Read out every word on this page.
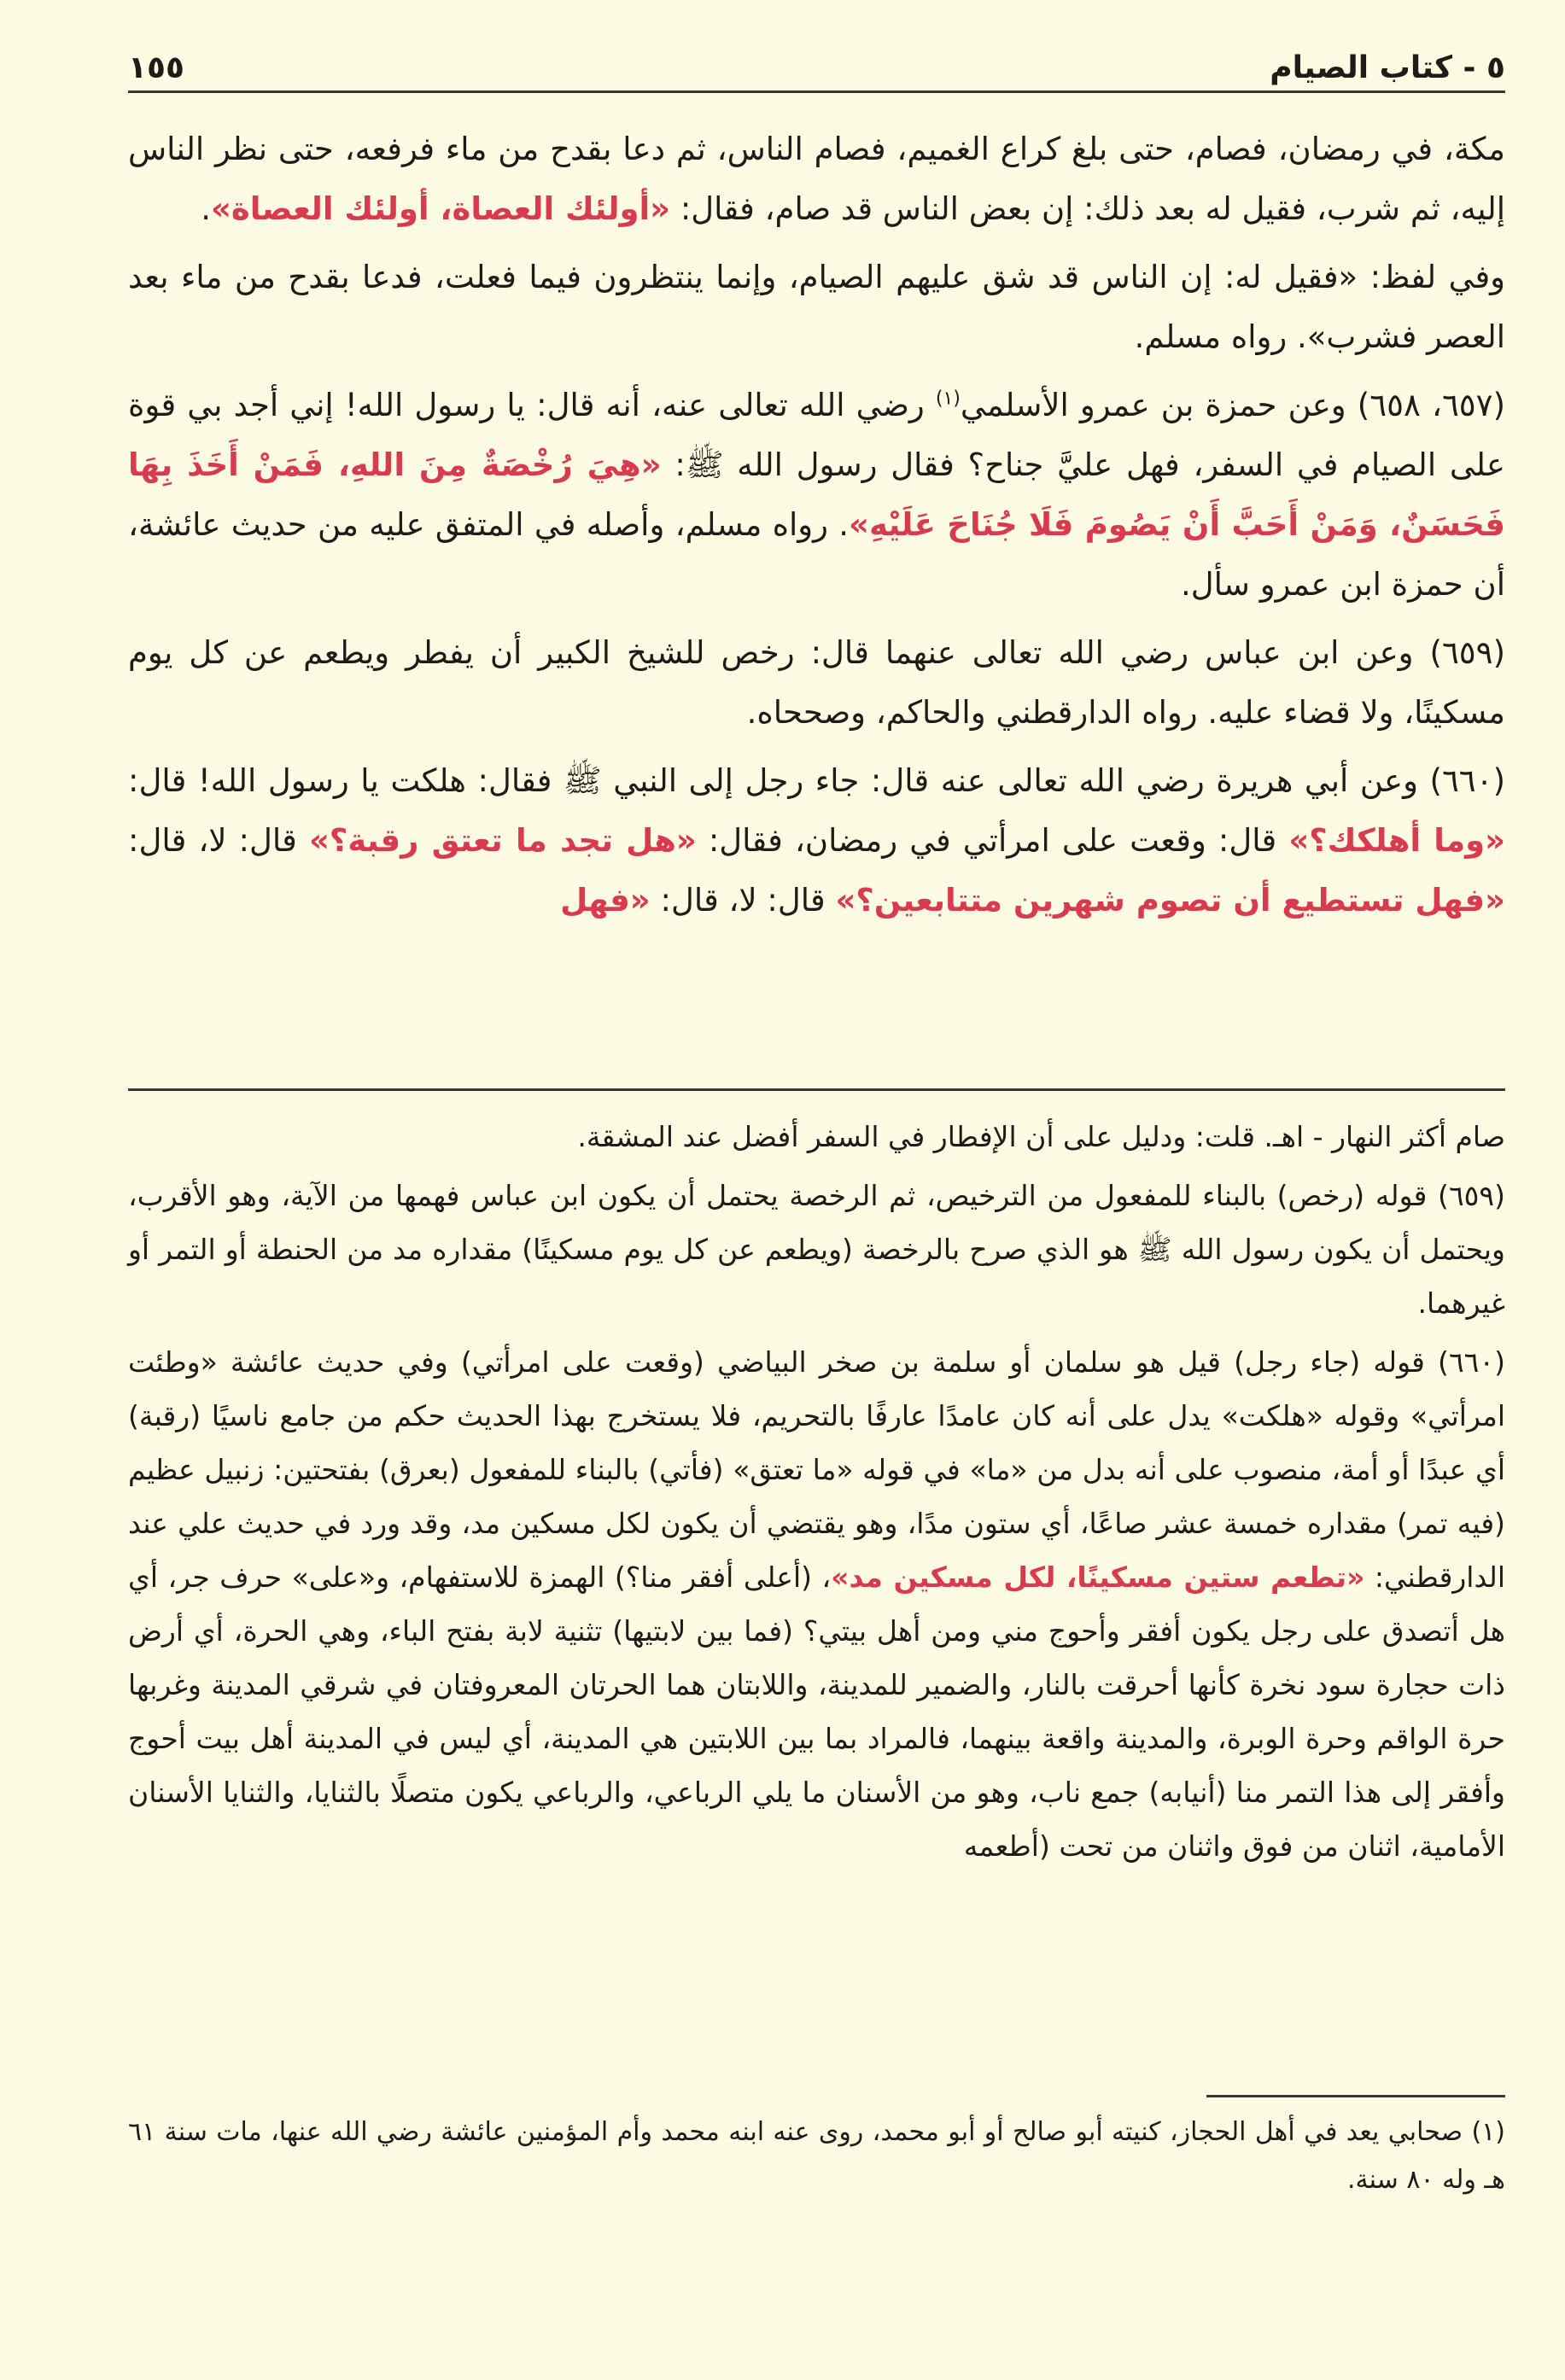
٥ - كتاب الصيام
١٥٥

مكة، في رمضان، فصام، حتى بلغ كراع الغميم، فصام الناس، ثم دعا بقدح من ماء فرفعه، حتى نظر الناس إليه، ثم شرب، فقيل له بعد ذلك: إن بعض الناس قد صام، فقال: «أولئك العصاة، أولئك العصاة».

وفي لفظ: «فقيل له: إن الناس قد شق عليهم الصيام، وإنما ينتظرون فيما فعلت، فدعا بقدح من ماء بعد العصر فشرب». رواه مسلم.

(٦٥٧، ٦٥٨) وعن حمزة بن عمرو الأسلمي$^{(١)}$ رضي الله تعالى عنه، أنه قال: يا رسول الله! إني أجد بي قوة على الصيام في السفر، فهل عليَّ جناح؟ فقال رسول الله ﷺ: «هِيَ رُخْصَةٌ مِنَ اللهِ، فَمَنْ أَخَذَ بِهَا فَحَسَنٌ، وَمَنْ أَحَبَّ أَنْ يَصُومَ فَلَا جُنَاحَ عَلَيْهِ». رواه مسلم، وأصله في المتفق عليه من حديث عائشة، أن حمزة ابن عمرو سأل.

(٦٥٩) وعن ابن عباس رضي الله تعالى عنهما قال: رخص للشيخ الكبير أن يفطر ويطعم عن كل يوم مسكينًا، ولا قضاء عليه. رواه الدارقطني والحاكم، وصححاه.

(٦٦٠) وعن أبي هريرة رضي الله تعالى عنه قال: جاء رجل إلى النبي ﷺ فقال: هلكت يا رسول الله! قال: «وما أهلكك؟» قال: وقعت على امرأتي في رمضان، فقال: «هل تجد ما تعتق رقبة؟» قال: لا، قال: «فهل تستطيع أن تصوم شهرين متتابعين؟» قال: لا، قال: «فهل

صام أكثر النهار - اهـ. قلت: ودليل على أن الإفطار في السفر أفضل عند المشقة.

(٦٥٩) قوله (رخص) بالبناء للمفعول من الترخيص، ثم الرخصة يحتمل أن يكون ابن عباس فهمها من الآية، وهو الأقرب، ويحتمل أن يكون رسول الله ﷺ هو الذي صرح بالرخصة (ويطعم عن كل يوم مسكينًا) مقداره مد من الحنطة أو التمر أو غيرهما.

(٦٦٠) قوله (جاء رجل) قيل هو سلمان أو سلمة بن صخر البياضي (وقعت على امرأتي) وفي حديث عائشة «وطئت امرأتي» وقوله «هلكت» يدل على أنه كان عامدًا عارفًا بالتحريم، فلا يستخرج بهذا الحديث حكم من جامع ناسيًا (رقبة) أي عبدًا أو أمة، منصوب على أنه بدل من «ما» في قوله «ما تعتق» (فأتي) بالبناء للمفعول (بعرق) بفتحتين: زنبيل عظيم (فيه تمر) مقداره خمسة عشر صاعًا، أي ستون مدًا، وهو يقتضي أن يكون لكل مسكين مد، وقد ورد في حديث علي عند الدارقطني: «تطعم ستين مسكينًا، لكل مسكين مد»، (أعلى أفقر منا؟) الهمزة للاستفهام، و«على» حرف جر، أي هل أتصدق على رجل يكون أفقر وأحوج مني ومن أهل بيتي؟ (فما بين لابتيها) تثنية لابة بفتح الباء، وهي الحرة، أي أرض ذات حجارة سود نخرة كأنها أحرقت بالنار، والضمير للمدينة، واللابتان هما الحرتان المعروفتان في شرقي المدينة وغربها حرة الواقم وحرة الوبرة، والمدينة واقعة بينهما، فالمراد بما بين اللابتين هي المدينة، أي ليس في المدينة أهل بيت أحوج وأفقر إلى هذا التمر منا (أنيابه) جمع ناب، وهو من الأسنان ما يلي الرباعي، والرباعي يكون متصلًا بالثنايا، والثنايا الأسنان الأمامية، اثنان من فوق واثنان من تحت (أطعمه

(١) صحابي يعد في أهل الحجاز، كنيته أبو صالح أو أبو محمد، روى عنه ابنه محمد وأم المؤمنين عائشة رضي الله عنها، مات سنة ٦١ هـ وله ٨٠ سنة.
